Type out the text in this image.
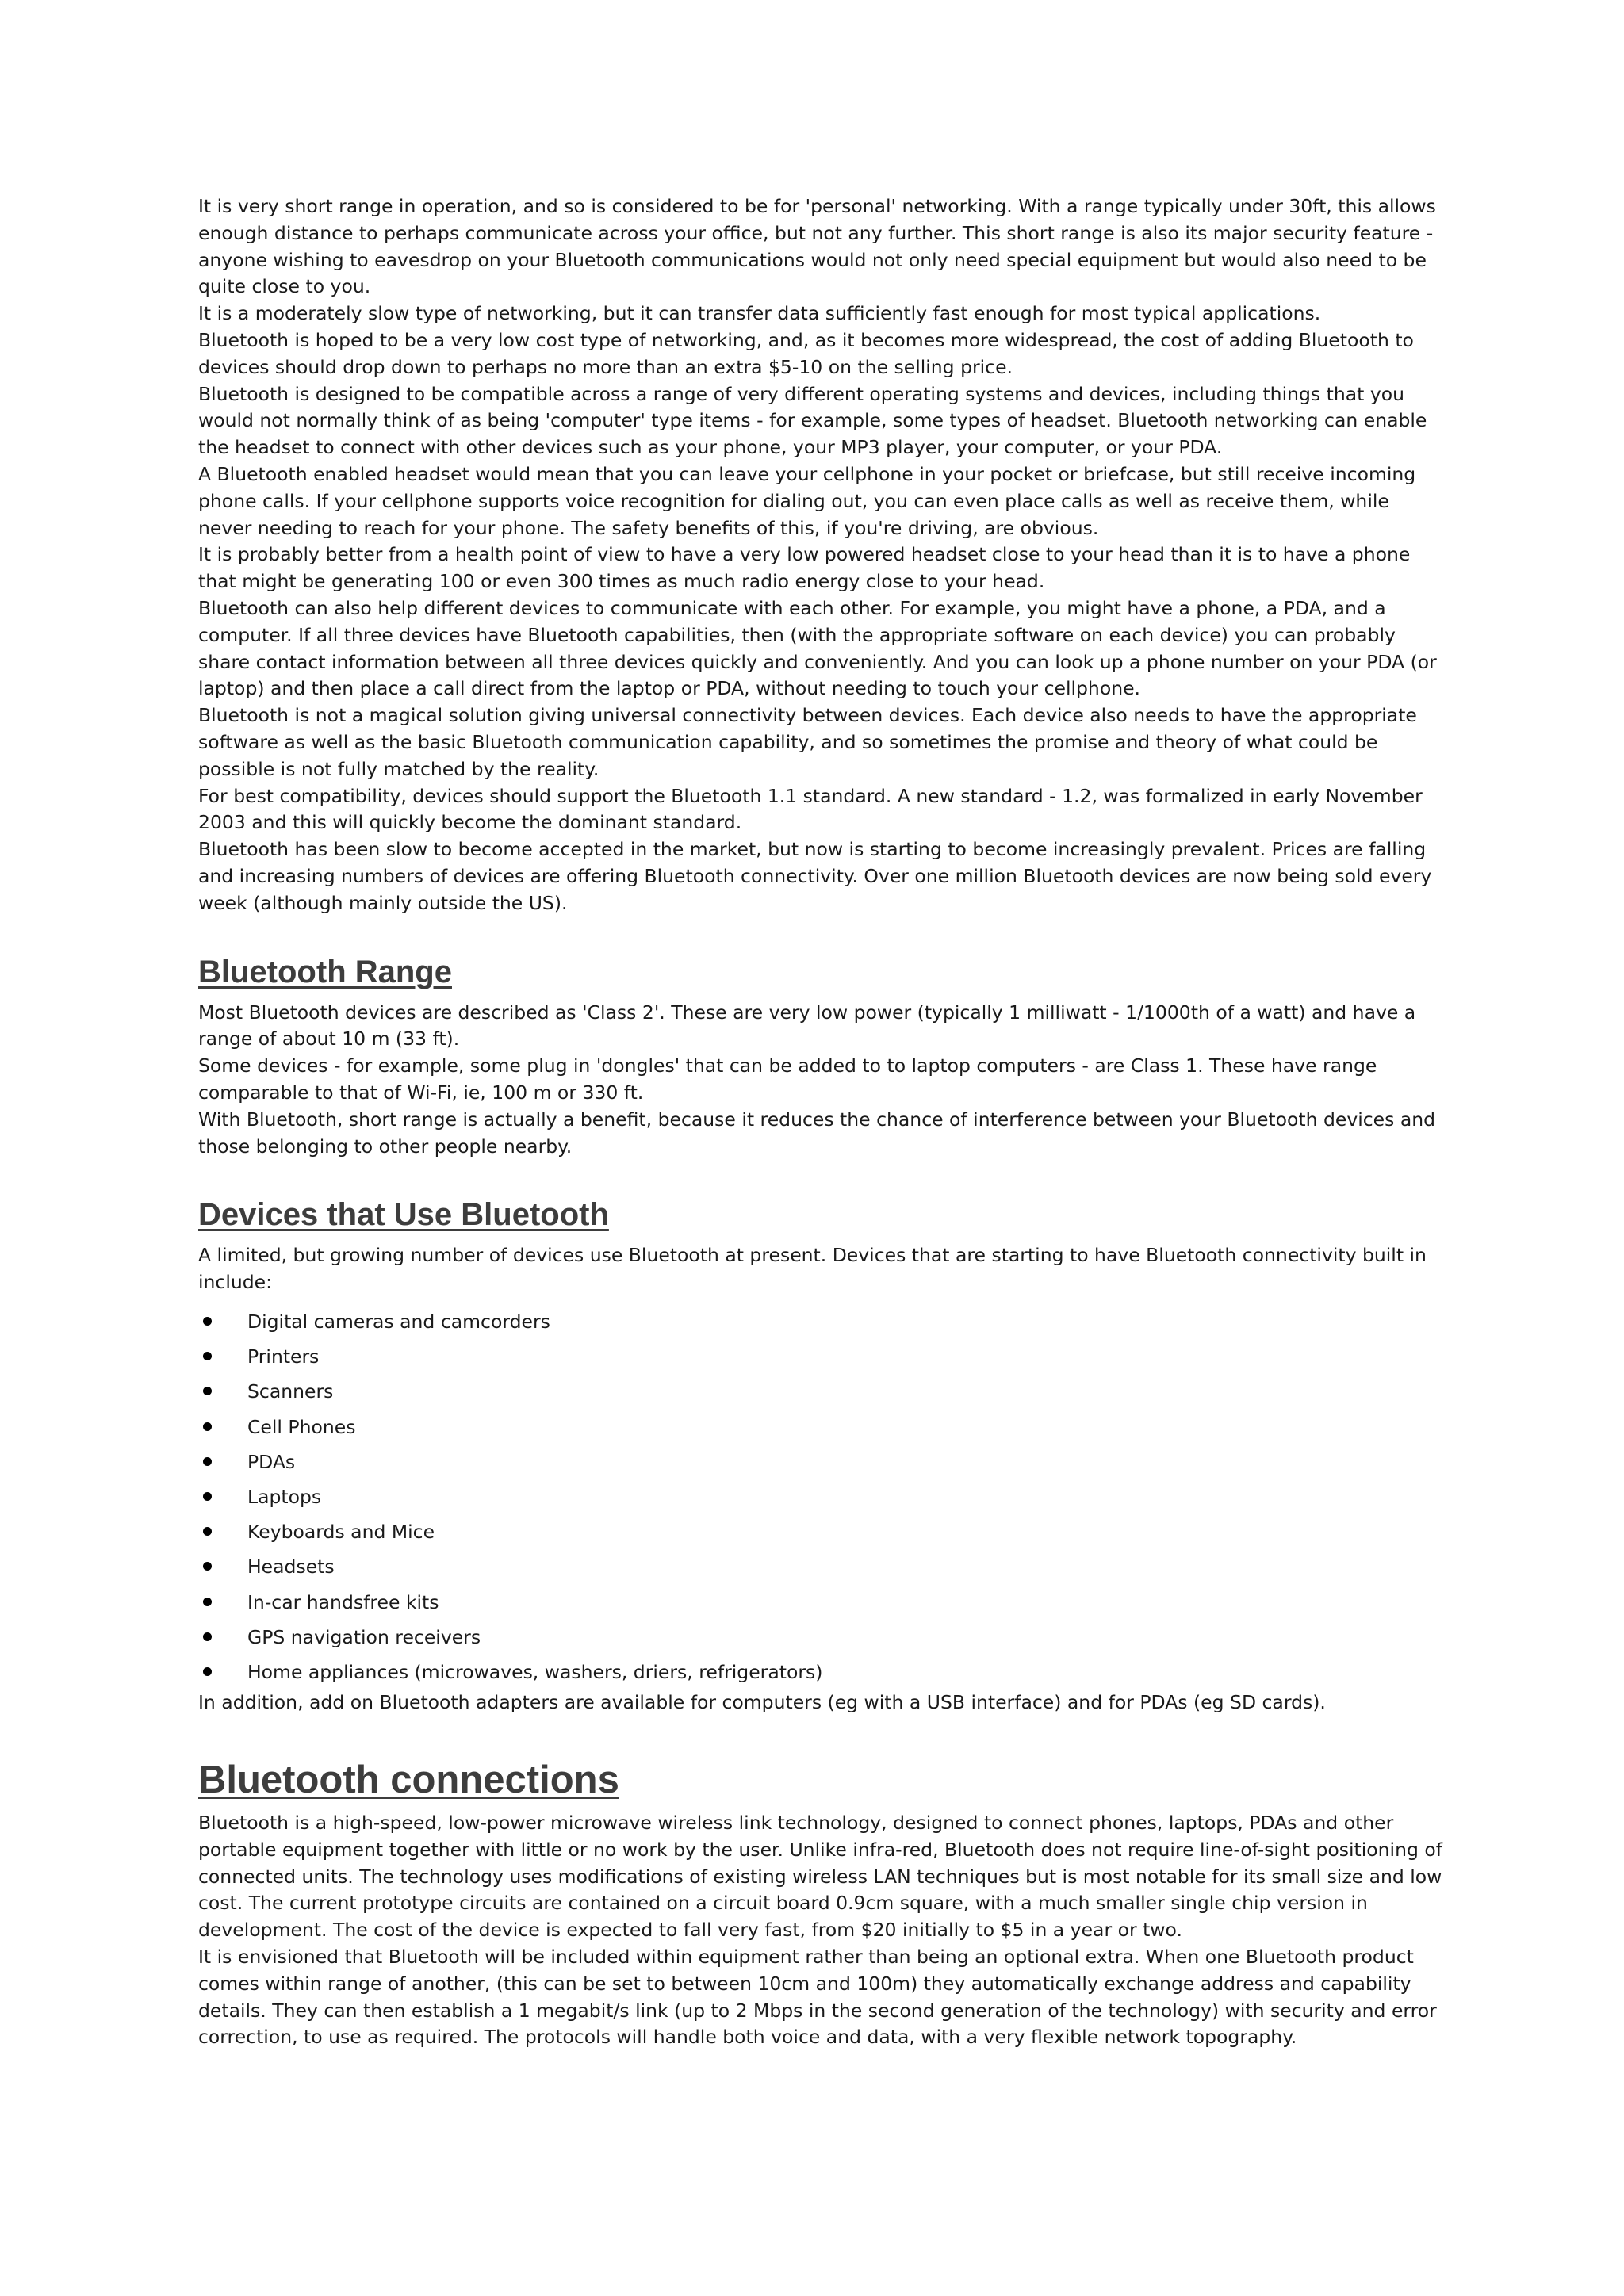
It is very short range in operation, and so is considered to be for 'personal' networking. With a range typically under 30ft, this allows enough distance to perhaps communicate across your office, but not any further. This short range is also its major security feature - anyone wishing to eavesdrop on your Bluetooth communications would not only need special equipment but would also need to be quite close to you.

It is a moderately slow type of networking, but it can transfer data sufficiently fast enough for most typical applications.

Bluetooth is hoped to be a very low cost type of networking, and, as it becomes more widespread, the cost of adding Bluetooth to devices should drop down to perhaps no more than an extra $5-10 on the selling price.

Bluetooth is designed to be compatible across a range of very different operating systems and devices, including things that you would not normally think of as being 'computer' type items - for example, some types of headset. Bluetooth networking can enable the headset to connect with other devices such as your phone, your MP3 player, your computer, or your PDA.

A Bluetooth enabled headset would mean that you can leave your cellphone in your pocket or briefcase, but still receive incoming phone calls. If your cellphone supports voice recognition for dialing out, you can even place calls as well as receive them, while never needing to reach for your phone. The safety benefits of this, if you're driving, are obvious.

It is probably better from a health point of view to have a very low powered headset close to your head than it is to have a phone that might be generating 100 or even 300 times as much radio energy close to your head.

Bluetooth can also help different devices to communicate with each other. For example, you might have a phone, a PDA, and a computer. If all three devices have Bluetooth capabilities, then (with the appropriate software on each device) you can probably share contact information between all three devices quickly and conveniently. And you can look up a phone number on your PDA (or laptop) and then place a call direct from the laptop or PDA, without needing to touch your cellphone.

Bluetooth is not a magical solution giving universal connectivity between devices. Each device also needs to have the appropriate software as well as the basic Bluetooth communication capability, and so sometimes the promise and theory of what could be possible is not fully matched by the reality.

For best compatibility, devices should support the Bluetooth 1.1 standard. A new standard - 1.2, was formalized in early November 2003 and this will quickly become the dominant standard.

Bluetooth has been slow to become accepted in the market, but now is starting to become increasingly prevalent. Prices are falling and increasing numbers of devices are offering Bluetooth connectivity. Over one million Bluetooth devices are now being sold every week (although mainly outside the US).

Bluetooth Range

Most Bluetooth devices are described as 'Class 2'. These are very low power (typically 1 milliwatt - 1/1000th of a watt) and have a range of about 10 m (33 ft).

Some devices - for example, some plug in 'dongles' that can be added to to laptop computers - are Class 1. These have range comparable to that of Wi-Fi, ie, 100 m or 330 ft.

With Bluetooth, short range is actually a benefit, because it reduces the chance of interference between your Bluetooth devices and those belonging to other people nearby.

Devices that Use Bluetooth

A limited, but growing number of devices use Bluetooth at present. Devices that are starting to have Bluetooth connectivity built in include:

Digital cameras and camcorders
Printers
Scanners
Cell Phones
PDAs
Laptops
Keyboards and Mice
Headsets
In-car handsfree kits
GPS navigation receivers
Home appliances (microwaves, washers, driers, refrigerators)

In addition, add on Bluetooth adapters are available for computers (eg with a USB interface) and for PDAs (eg SD cards).

Bluetooth connections

Bluetooth is a high-speed, low-power microwave wireless link technology, designed to connect phones, laptops, PDAs and other portable equipment together with little or no work by the user. Unlike infra-red, Bluetooth does not require line-of-sight positioning of connected units. The technology uses modifications of existing wireless LAN techniques but is most notable for its small size and low cost. The current prototype circuits are contained on a circuit board 0.9cm square, with a much smaller single chip version in development. The cost of the device is expected to fall very fast, from $20 initially to $5 in a year or two.

It is envisioned that Bluetooth will be included within equipment rather than being an optional extra. When one Bluetooth product comes within range of another, (this can be set to between 10cm and 100m) they automatically exchange address and capability details. They can then establish a 1 megabit/s link (up to 2 Mbps in the second generation of the technology) with security and error correction, to use as required. The protocols will handle both voice and data, with a very flexible network topography.
